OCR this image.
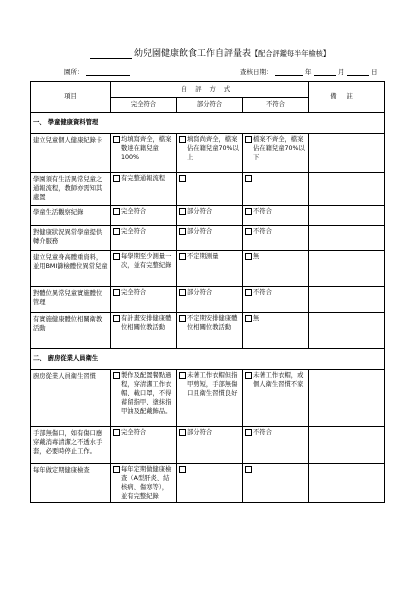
幼兒園健康飲食工作自評量表【配合評鑑每半年檢核】
園所：	查核日期：	年	月	日
項目	自評方式			備註
	完全符合	部分符合	不符合	
一、 學童健康資料管理				
建立兒童個人健康紀錄卡	均填寫齊全，檔案數達在籍兒童100%	填寫尚齊全，檔案佔在籍兒童70%以上	檔案不齊全，檔案佔在籍兒童70%以下	

學園須有生活異常兒童之通報流程，教師亦需知其處置	有完整通報流程			

學童生活觀察紀錄	完全符合	部分符合	不符合	

對健康狀況異常學童提供轉介服務	完全符合	部分符合	不符合	

建立兒童身高體重資料，並用BMI篩檢體位異常兒童	每學期至少測量一次，並有完整紀錄	不定期測量	無	

對體位異常兒童實施體位管理	完全符合	部分符合	不符合	

有實施健康體位相關衛教活動	有計畫安排健康體位相關位教活動	不定期安排健康體位相關位教活動	無	

二、 廚房從業人員衛生				
廚房從業人員衛生習慣	製作及配置餐點過程，穿清潔工作衣帽、載口罩，不得蓄留指甲、塗抹指甲油及配戴飾品。	未著工作衣帽但指甲剪短，手部無傷口且衛生習慣良好	未著工作衣帽，或個人衛生習慣不家	

手部無傷口，如有傷口應穿戴消毒清潔之不透水手套，必要時停止工作。	完全符合	部分符合	不符合	

每年做定期健康檢查	每年定期做健康檢查（A型肝炎、結核病、傷寒等），並有完整紀錄			
